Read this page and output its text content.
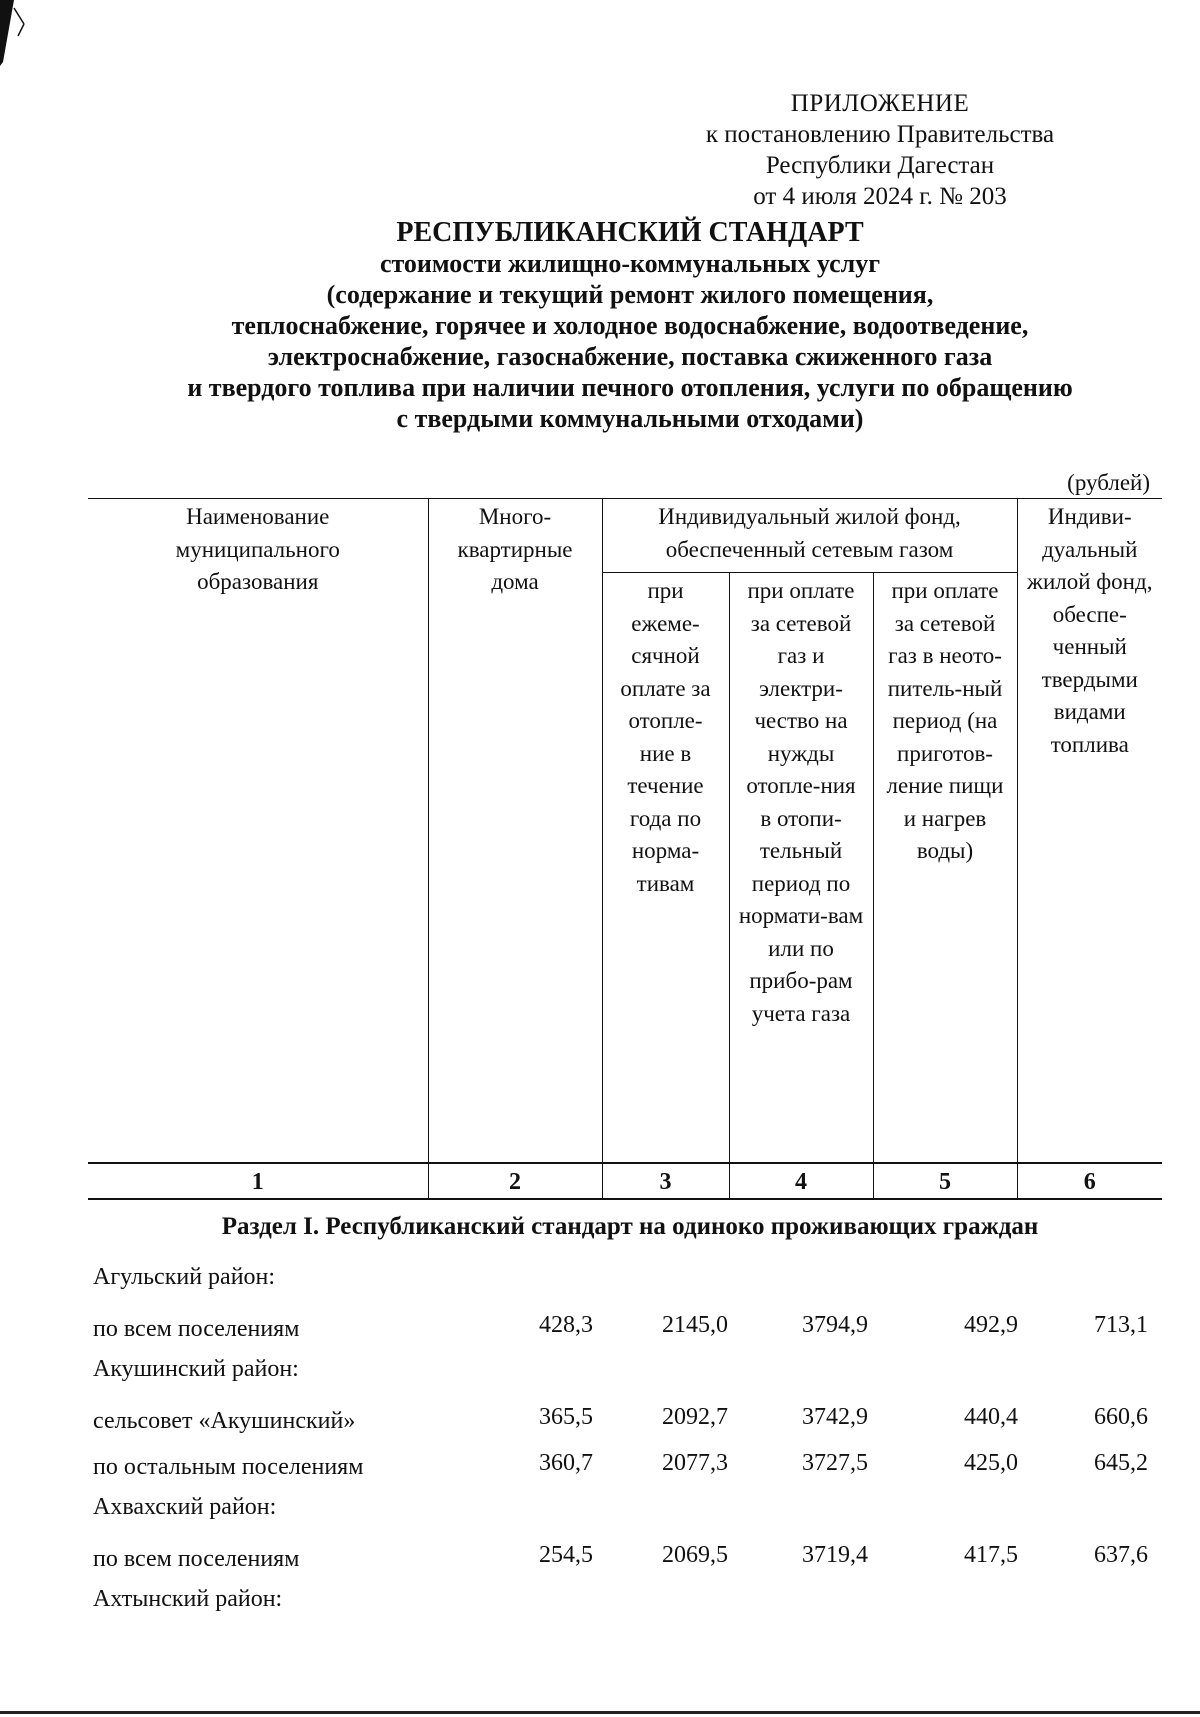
ПРИЛОЖЕНИЕ
к постановлению Правительства
Республики Дагестан
от 4 июля 2024 г. № 203
РЕСПУБЛИКАНСКИЙ СТАНДАРТ
стоимости жилищно-коммунальных услуг
(содержание и текущий ремонт жилого помещения,
теплоснабжение, горячее и холодное водоснабжение, водоотведение,
электроснабжение, газоснабжение, поставка сжиженного газа
и твердого топлива при наличии печного отопления, услуги по обращению
с твердыми коммунальными отходами)
(рублей)
Наименование муниципального образования	Много-квартирные дома	Индивидуальный жилой фонд, обеспеченный сетевым газом			Индиви-дуальный жилой фонд, обеспе-ченный твердыми видами топлива

		при ежеме-сячной оплате за отопле-ние в течение года по норма-тивам	при оплате за сетевой газ и электри-чество на нужды отопле-ния в отопи-тельный период по нормати-вам или по прибо-рам учета газа	при оплате за сетевой газ в неото-питель-ный период (на приготов-ление пищи и нагрев воды)	

1	2	3	4	5	6
Раздел I. Республиканский стандарт на одиноко проживающих граждан
Агульский район:
по всем поселениям	428,3	2145,0	3794,9	492,9	713,1
Акушинский район:
сельсовет «Акушинский»	365,5	2092,7	3742,9	440,4	660,6
по остальным поселениям	360,7	2077,3	3727,5	425,0	645,2
Ахвахский район:
по всем поселениям	254,5	2069,5	3719,4	417,5	637,6
Ахтынский район:
